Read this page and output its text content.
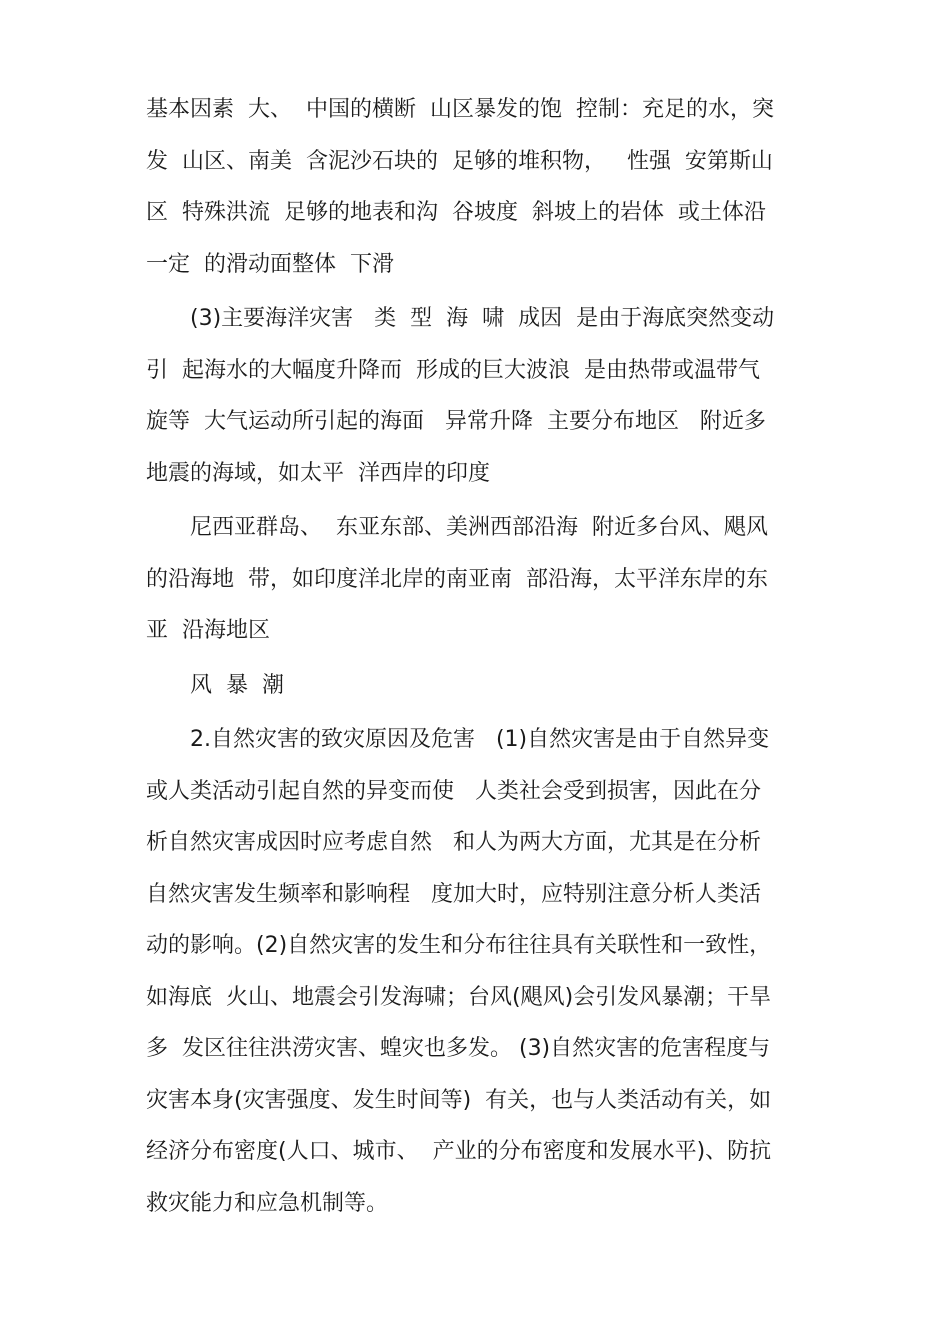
基本因素  大、  中国的横断  山区暴发的饱  控制：充足的水，突
发  山区、南美  含泥沙石块的  足够的堆积物，   性强  安第斯山
区  特殊洪流  足够的地表和沟  谷坡度  斜坡上的岩体  或土体沿
一定  的滑动面整体  下滑

(3)主要海洋灾害   类  型  海  啸  成因  是由于海底突然变动
引  起海水的大幅度升降而  形成的巨大波浪  是由热带或温带气
旋等  大气运动所引起的海面   异常升降  主要分布地区   附近多
地震的海域，如太平  洋西岸的印度

尼西亚群岛、  东亚东部、美洲西部沿海  附近多台风、飓风
的沿海地  带，如印度洋北岸的南亚南  部沿海，太平洋东岸的东
亚  沿海地区

风  暴  潮

2.自然灾害的致灾原因及危害   (1)自然灾害是由于自然异变
或人类活动引起自然的异变而使   人类社会受到损害，因此在分
析自然灾害成因时应考虑自然   和人为两大方面，尤其是在分析
自然灾害发生频率和影响程   度加大时，应特别注意分析人类活
动的影响。(2)自然灾害的发生和分布往往具有关联性和一致性，
如海底  火山、地震会引发海啸；台风(飓风)会引发风暴潮；干旱
多  发区往往洪涝灾害、蝗灾也多发。 (3)自然灾害的危害程度与
灾害本身(灾害强度、发生时间等)  有关，也与人类活动有关，如
经济分布密度(人口、城市、  产业的分布密度和发展水平)、防抗
救灾能力和应急机制等。
